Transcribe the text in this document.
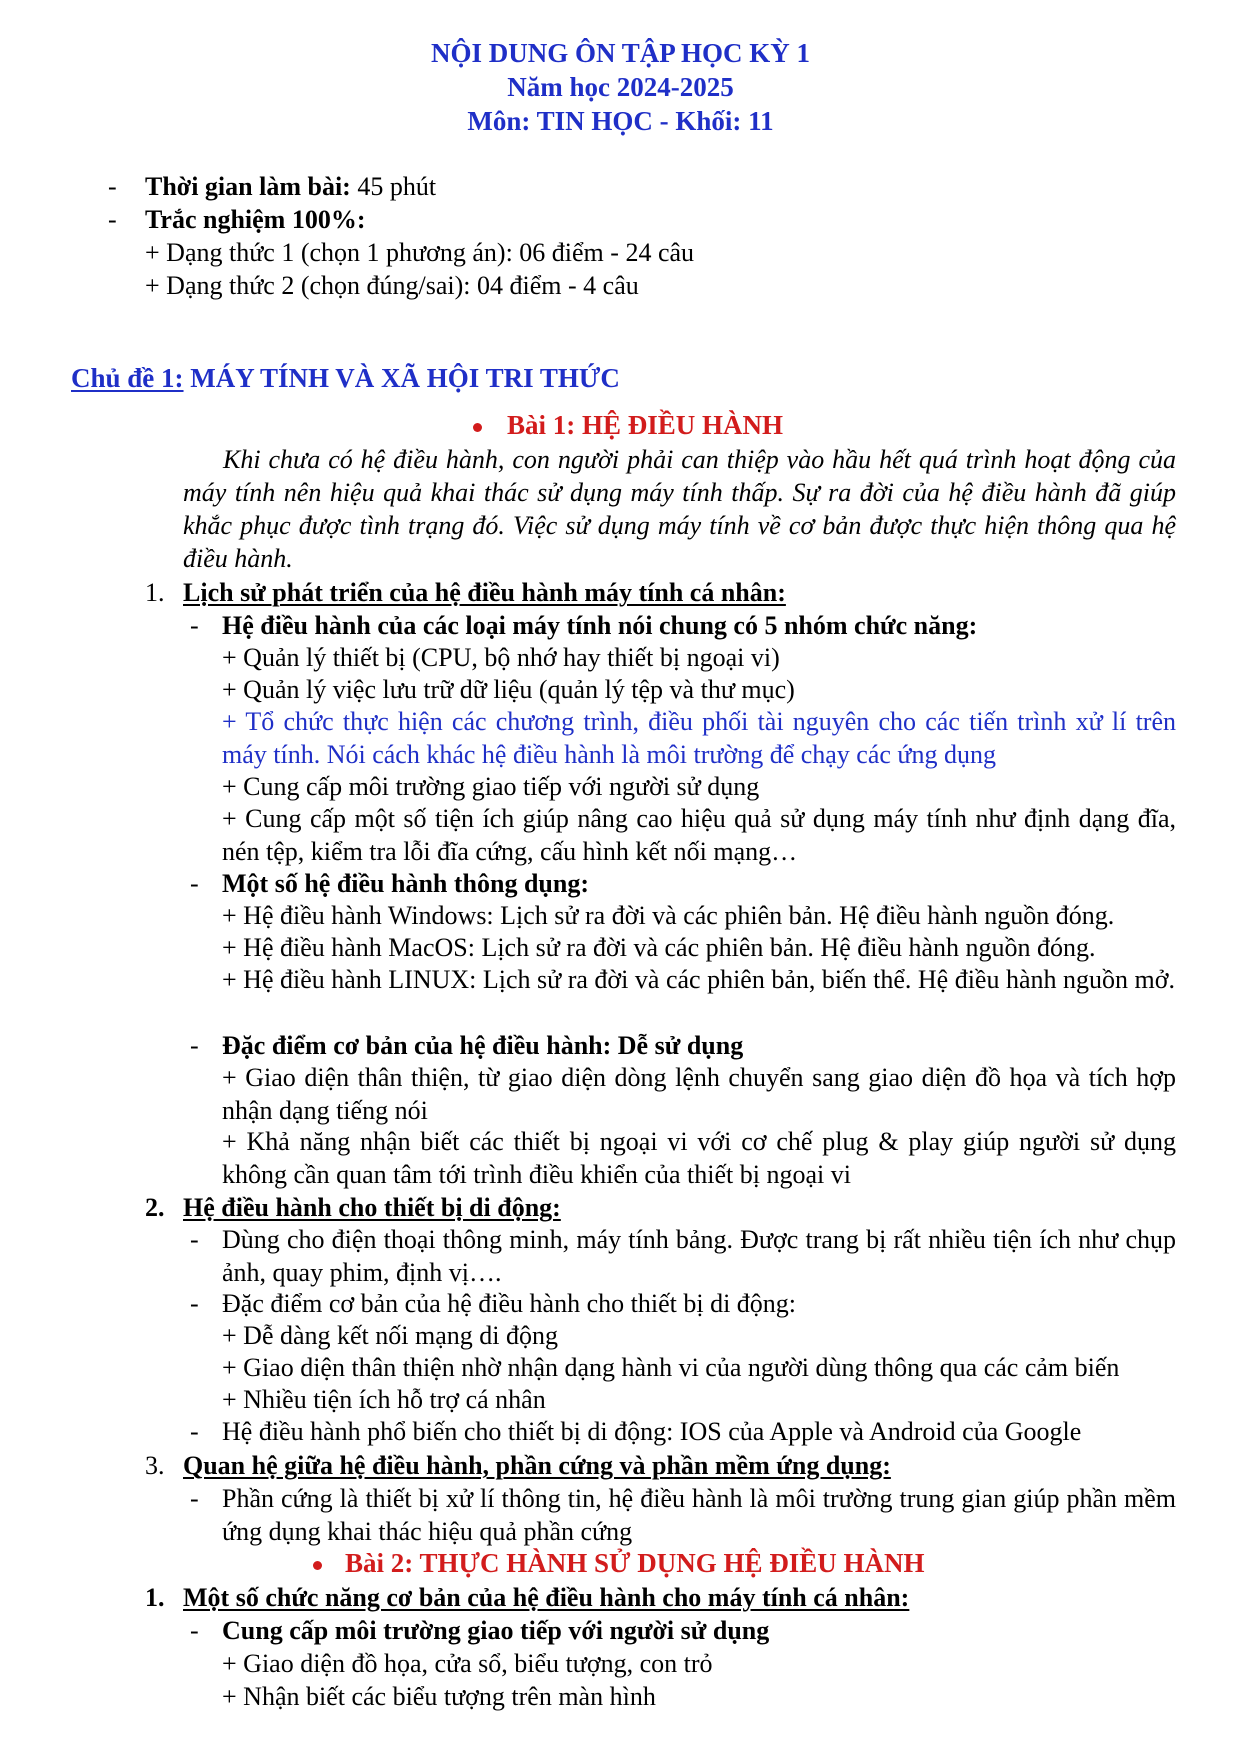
NỘI DUNG ÔN TẬP HỌC KỲ 1
Năm học 2024-2025
Môn: TIN HỌC - Khối: 11
- Thời gian làm bài: 45 phút
- Trắc nghiệm 100%:
+ Dạng thức 1 (chọn 1 phương án): 06 điểm - 24 câu
+ Dạng thức 2 (chọn đúng/sai): 04 điểm - 4 câu
Chủ đề 1: MÁY TÍNH VÀ XÃ HỘI TRI THỨC
Bài 1: HỆ ĐIỀU HÀNH
Khi chưa có hệ điều hành, con người phải can thiệp vào hầu hết quá trình hoạt động của máy tính nên hiệu quả khai thác sử dụng máy tính thấp. Sự ra đời của hệ điều hành đã giúp khắc phục được tình trạng đó. Việc sử dụng máy tính về cơ bản được thực hiện thông qua hệ điều hành.
1. Lịch sử phát triển của hệ điều hành máy tính cá nhân:
- Hệ điều hành của các loại máy tính nói chung có 5 nhóm chức năng:
+ Quản lý thiết bị (CPU, bộ nhớ hay thiết bị ngoại vi)
+ Quản lý việc lưu trữ dữ liệu (quản lý tệp và thư mục)
+ Tổ chức thực hiện các chương trình, điều phối tài nguyên cho các tiến trình xử lí trên máy tính. Nói cách khác hệ điều hành là môi trường để chạy các ứng dụng
+ Cung cấp môi trường giao tiếp với người sử dụng
+ Cung cấp một số tiện ích giúp nâng cao hiệu quả sử dụng máy tính như định dạng đĩa, nén tệp, kiểm tra lỗi đĩa cứng, cấu hình kết nối mạng…
- Một số hệ điều hành thông dụng:
+ Hệ điều hành Windows: Lịch sử ra đời và các phiên bản. Hệ điều hành nguồn đóng.
+ Hệ điều hành MacOS: Lịch sử ra đời và các phiên bản. Hệ điều hành nguồn đóng.
+ Hệ điều hành LINUX: Lịch sử ra đời và các phiên bản, biến thể. Hệ điều hành nguồn mở.
- Đặc điểm cơ bản của hệ điều hành: Dễ sử dụng
+ Giao diện thân thiện, từ giao diện dòng lệnh chuyển sang giao diện đồ họa và tích hợp nhận dạng tiếng nói
+ Khả năng nhận biết các thiết bị ngoại vi với cơ chế plug & play giúp người sử dụng không cần quan tâm tới trình điều khiển của thiết bị ngoại vi
2. Hệ điều hành cho thiết bị di động:
- Dùng cho điện thoại thông minh, máy tính bảng. Được trang bị rất nhiều tiện ích như chụp ảnh, quay phim, định vị….
- Đặc điểm cơ bản của hệ điều hành cho thiết bị di động:
+ Dễ dàng kết nối mạng di động
+ Giao diện thân thiện nhờ nhận dạng hành vi của người dùng thông qua các cảm biến
+ Nhiều tiện ích hỗ trợ cá nhân
- Hệ điều hành phổ biến cho thiết bị di động: IOS của Apple và Android của Google
3. Quan hệ giữa hệ điều hành, phần cứng và phần mềm ứng dụng:
- Phần cứng là thiết bị xử lí thông tin, hệ điều hành là môi trường trung gian giúp phần mềm ứng dụng khai thác hiệu quả phần cứng
Bài 2: THỰC HÀNH SỬ DỤNG HỆ ĐIỀU HÀNH
1. Một số chức năng cơ bản của hệ điều hành cho máy tính cá nhân:
- Cung cấp môi trường giao tiếp với người sử dụng
+ Giao diện đồ họa, cửa sổ, biểu tượng, con trỏ
+ Nhận biết các biểu tượng trên màn hình
